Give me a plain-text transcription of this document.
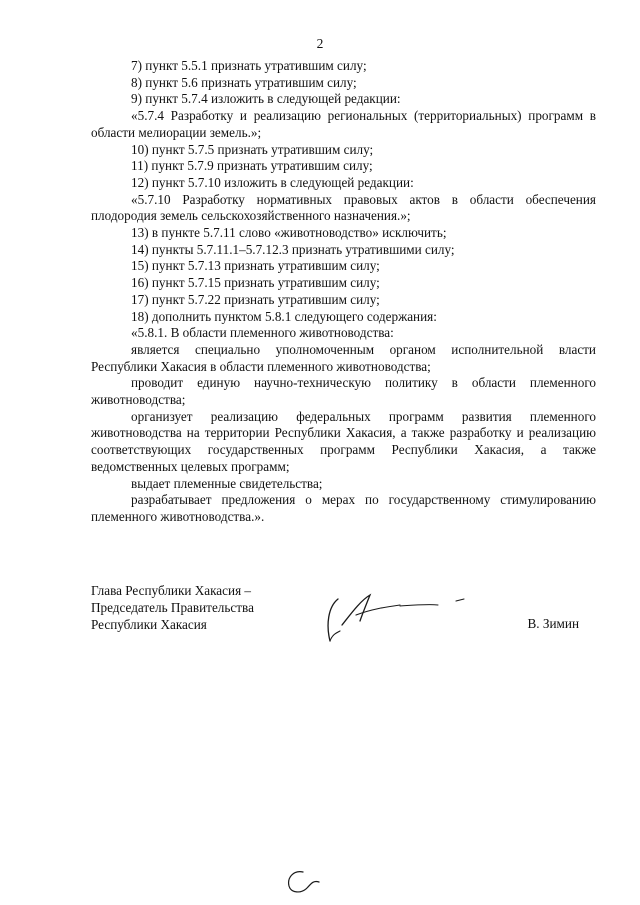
2

7) пункт 5.5.1 признать утратившим силу;

8) пункт 5.6 признать утратившим силу;

9) пункт 5.7.4 изложить в следующей редакции:

«5.7.4 Разработку и реализацию региональных (территориальных) программ в области мелиорации земель.»;

10) пункт 5.7.5 признать утратившим силу;

11) пункт 5.7.9 признать утратившим силу;

12) пункт 5.7.10 изложить в следующей редакции:

«5.7.10 Разработку нормативных правовых актов в области обеспечения плодородия земель сельскохозяйственного назначения.»;

13) в пункте 5.7.11 слово «животноводство» исключить;

14) пункты 5.7.11.1–5.7.12.3 признать утратившими силу;

15) пункт 5.7.13 признать утратившим силу;

16) пункт 5.7.15 признать утратившим силу;

17) пункт 5.7.22 признать утратившим силу;

18) дополнить пунктом 5.8.1 следующего содержания:

«5.8.1. В области племенного животноводства:

является специально уполномоченным органом исполнительной власти Республики Хакасия в области племенного животноводства;

проводит единую научно-техническую политику в области племенного животноводства;

организует реализацию федеральных программ развития племенного животноводства на территории Республики Хакасия, а также разработку и реализацию соответствующих государственных программ Республики Хакасия, а также ведомственных целевых программ;

выдает племенные свидетельства;

разрабатывает предложения о мерах по государственному стимулированию племенного животноводства.».

Глава Республики Хакасия –
Председатель Правительства
Республики Хакасия	В. Зимин
